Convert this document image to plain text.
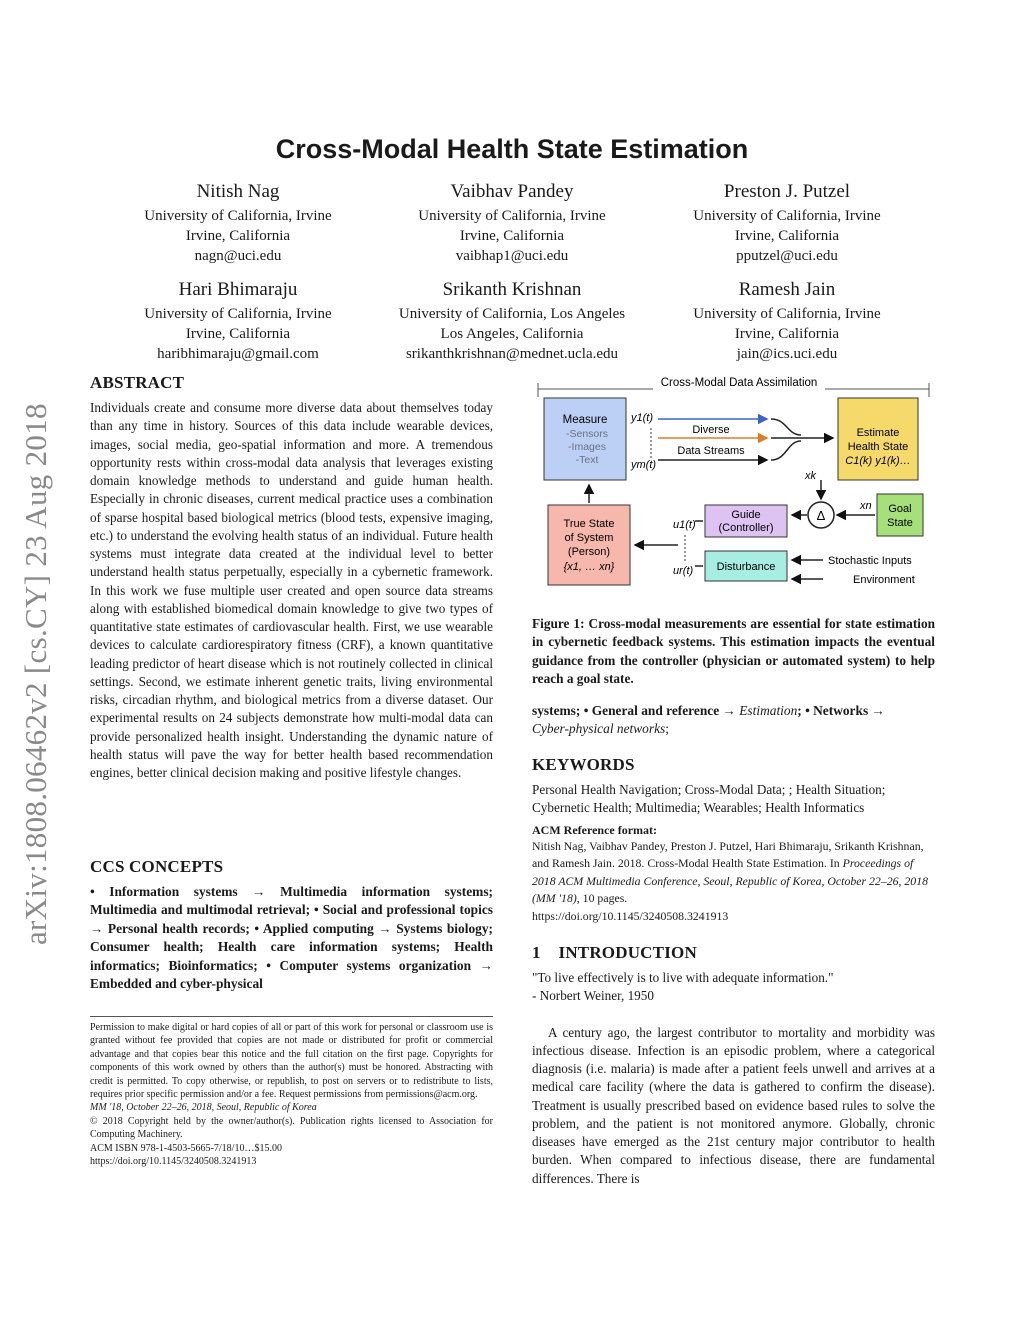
arXiv:1808.06462v2 [cs.CY] 23 Aug 2018
Cross-Modal Health State Estimation
Nitish Nag
University of California, Irvine
Irvine, California
nagn@uci.edu
Vaibhav Pandey
University of California, Irvine
Irvine, California
vaibhap1@uci.edu
Preston J. Putzel
University of California, Irvine
Irvine, California
pputzel@uci.edu
Hari Bhimaraju
University of California, Irvine
Irvine, California
haribhimaraju@gmail.com
Srikanth Krishnan
University of California, Los Angeles
Los Angeles, California
srikanthkrishnan@mednet.ucla.edu
Ramesh Jain
University of California, Irvine
Irvine, California
jain@ics.uci.edu
ABSTRACT

Individuals create and consume more diverse data about themselves today than any time in history. Sources of this data include wearable devices, images, social media, geo-spatial information and more. A tremendous opportunity rests within cross-modal data analysis that leverages existing domain knowledge methods to understand and guide human health. Especially in chronic diseases, current medical practice uses a combination of sparse hospital based biological metrics (blood tests, expensive imaging, etc.) to understand the evolving health status of an individual. Future health systems must integrate data created at the individual level to better understand health status perpetually, especially in a cybernetic framework. In this work we fuse multiple user created and open source data streams along with established biomedical domain knowledge to give two types of quantitative state estimates of cardiovascular health. First, we use wearable devices to calculate cardiorespiratory fitness (CRF), a known quantitative leading predictor of heart disease which is not routinely collected in clinical settings. Second, we estimate inherent genetic traits, living environmental risks, circadian rhythm, and biological metrics from a diverse dataset. Our experimental results on 24 subjects demonstrate how multi-modal data can provide personalized health insight. Understanding the dynamic nature of health status will pave the way for better health based recommendation engines, better clinical decision making and positive lifestyle changes.

CCS CONCEPTS

• Information systems → Multimedia information systems; Multimedia and multimodal retrieval; • Social and professional topics → Personal health records; • Applied computing → Systems biology; Consumer health; Health care information systems; Health informatics; Bioinformatics; • Computer systems organization → Embedded and cyber-physical

Permission to make digital or hard copies of all or part of this work for personal or classroom use is granted without fee provided that copies are not made or distributed for profit or commercial advantage and that copies bear this notice and the full citation on the first page. Copyrights for components of this work owned by others than the author(s) must be honored. Abstracting with credit is permitted. To copy otherwise, or republish, to post on servers or to redistribute to lists, requires prior specific permission and/or a fee. Request permissions from permissions@acm.org.
MM '18, October 22–26, 2018, Seoul, Republic of Korea
© 2018 Copyright held by the owner/author(s). Publication rights licensed to Association for Computing Machinery.
ACM ISBN 978-1-4503-5665-7/18/10…$15.00
https://doi.org/10.1145/3240508.3241913
Cross-Modal Data Assimilation
Measure
-Sensors
-Images
-Text
y1(t)
ym(t)
Diverse
Data Streams
Estimate
Health State
C1(k) y1(k)…
xk
Δ	Goal
State
xn
Guide
(Controller)
Disturbance	Stochastic Inputs
Environment
u1(t)
ur(t)
True State
of System
(Person)
{x1, … xn}

Figure 1: Cross-modal measurements are essential for state estimation in cybernetic feedback systems. This estimation impacts the eventual guidance from the controller (physician or automated system) to help reach a goal state.

systems; • General and reference → Estimation; • Networks →
Cyber-physical networks;

KEYWORDS

Personal Health Navigation; Cross-Modal Data; ; Health Situation; Cybernetic Health; Multimedia; Wearables; Health Informatics

ACM Reference format:

Nitish Nag, Vaibhav Pandey, Preston J. Putzel, Hari Bhimaraju, Srikanth Krishnan, and Ramesh Jain. 2018. Cross-Modal Health State Estimation. In Proceedings of 2018 ACM Multimedia Conference, Seoul, Republic of Korea, October 22–26, 2018 (MM '18), 10 pages.
https://doi.org/10.1145/3240508.3241913

1    INTRODUCTION

"To live effectively is to live with adequate information."

- Norbert Weiner, 1950

A century ago, the largest contributor to mortality and morbidity was infectious disease. Infection is an episodic problem, where a categorical diagnosis (i.e. malaria) is made after a patient feels unwell and arrives at a medical care facility (where the data is gathered to confirm the disease). Treatment is usually prescribed based on evidence based rules to solve the problem, and the patient is not monitored anymore. Globally, chronic diseases have emerged as the 21st century major contributor to health burden. When compared to infectious disease, there are fundamental differences. There is
